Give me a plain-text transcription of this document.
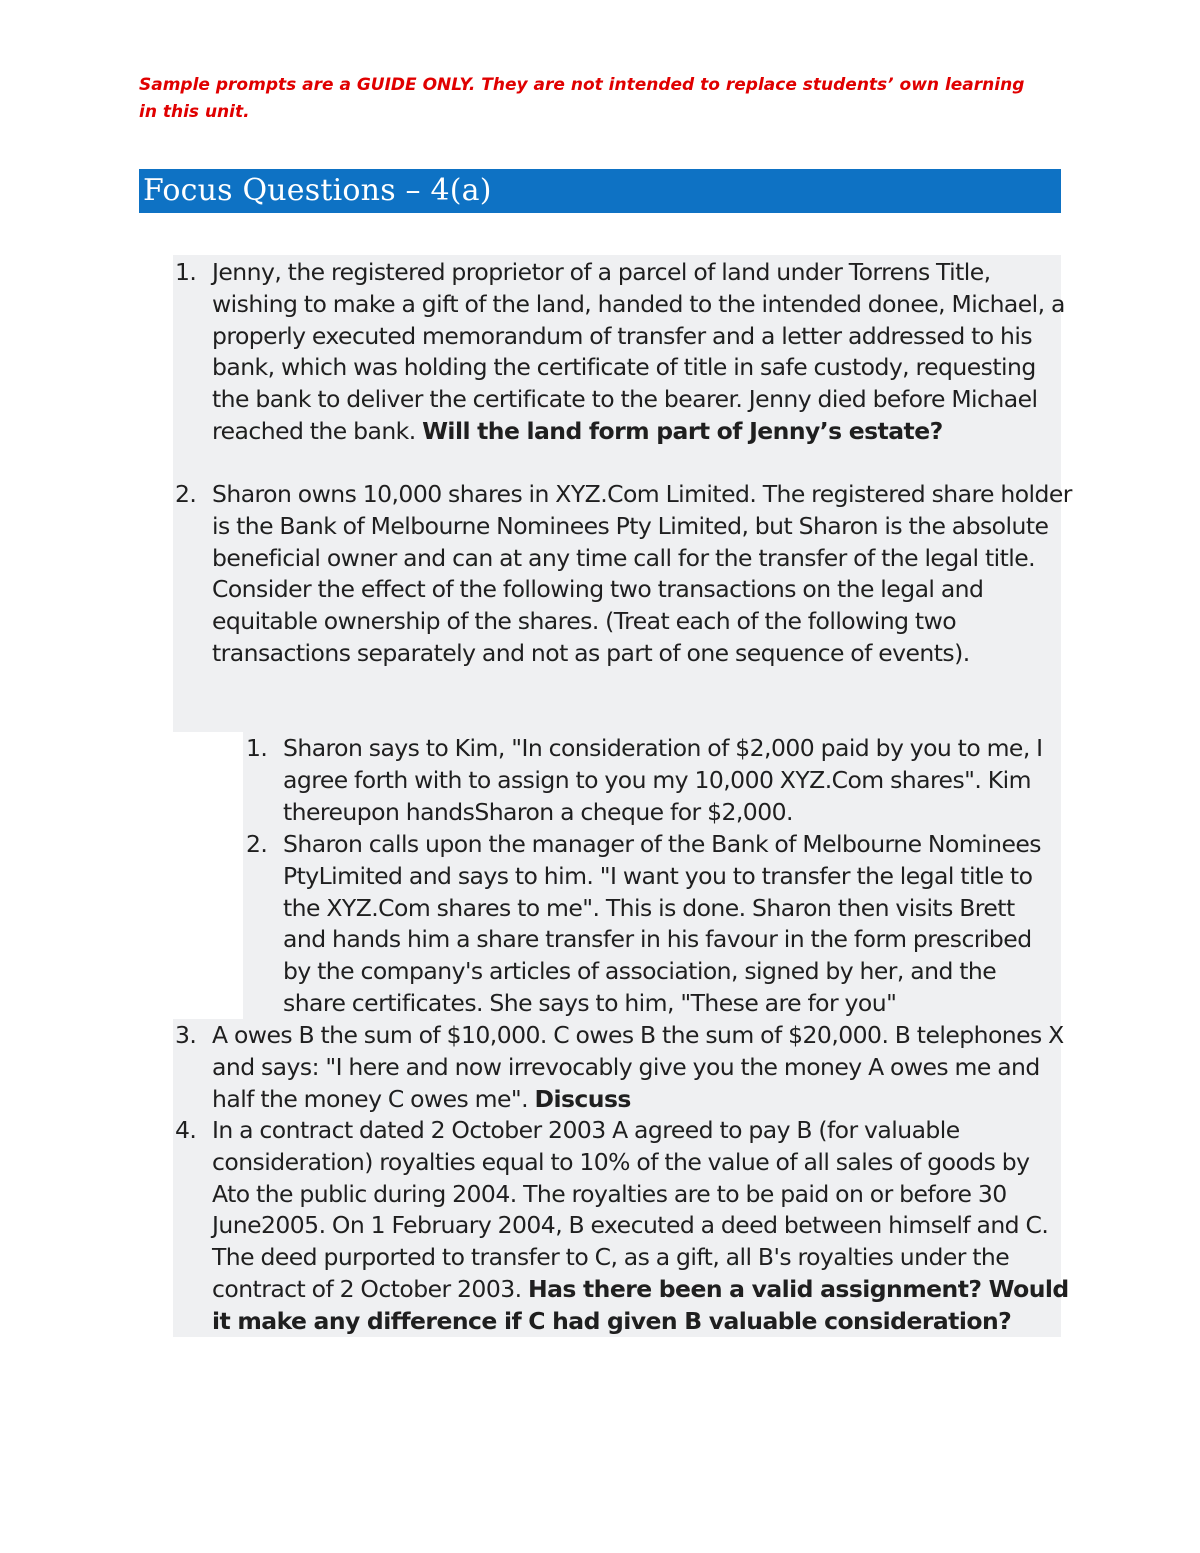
Sample prompts are a GUIDE ONLY. They are not intended to replace students’ own learning in this unit.
Focus Questions – 4(a)
1. Jenny, the registered proprietor of a parcel of land under Torrens Title, wishing to make a gift of the land, handed to the intended donee, Michael, a properly executed memorandum of transfer and a letter addressed to his bank, which was holding the certificate of title in safe custody, requesting the bank to deliver the certificate to the bearer. Jenny died before Michael reached the bank. Will the land form part of Jenny’s estate?
2. Sharon owns 10,000 shares in XYZ.Com Limited. The registered share holder is the Bank of Melbourne Nominees Pty Limited, but Sharon is the absolute beneficial owner and can at any time call for the transfer of the legal title. Consider the effect of the following two transactions on the legal and equitable ownership of the shares. (Treat each of the following two transactions separately and not as part of one sequence of events).
1. Sharon says to Kim, "In consideration of $2,000 paid by you to me, I agree forth with to assign to you my 10,000 XYZ.Com shares". Kim thereupon handsSharon a cheque for $2,000.
2. Sharon calls upon the manager of the Bank of Melbourne Nominees PtyLimited and says to him. "I want you to transfer the legal title to the XYZ.Com shares to me". This is done. Sharon then visits Brett and hands him a share transfer in his favour in the form prescribed by the company's articles of association, signed by her, and the share certificates. She says to him, "These are for you"
3. A owes B the sum of $10,000. C owes B the sum of $20,000. B telephones X and says: "I here and now irrevocably give you the money A owes me and half the money C owes me". Discuss
4. In a contract dated 2 October 2003 A agreed to pay B (for valuable consideration) royalties equal to 10% of the value of all sales of goods by Ato the public during 2004. The royalties are to be paid on or before 30 June2005. On 1 February 2004, B executed a deed between himself and C. The deed purported to transfer to C, as a gift, all B's royalties under the contract of 2 October 2003. Has there been a valid assignment? Would it make any difference if C had given B valuable consideration?
